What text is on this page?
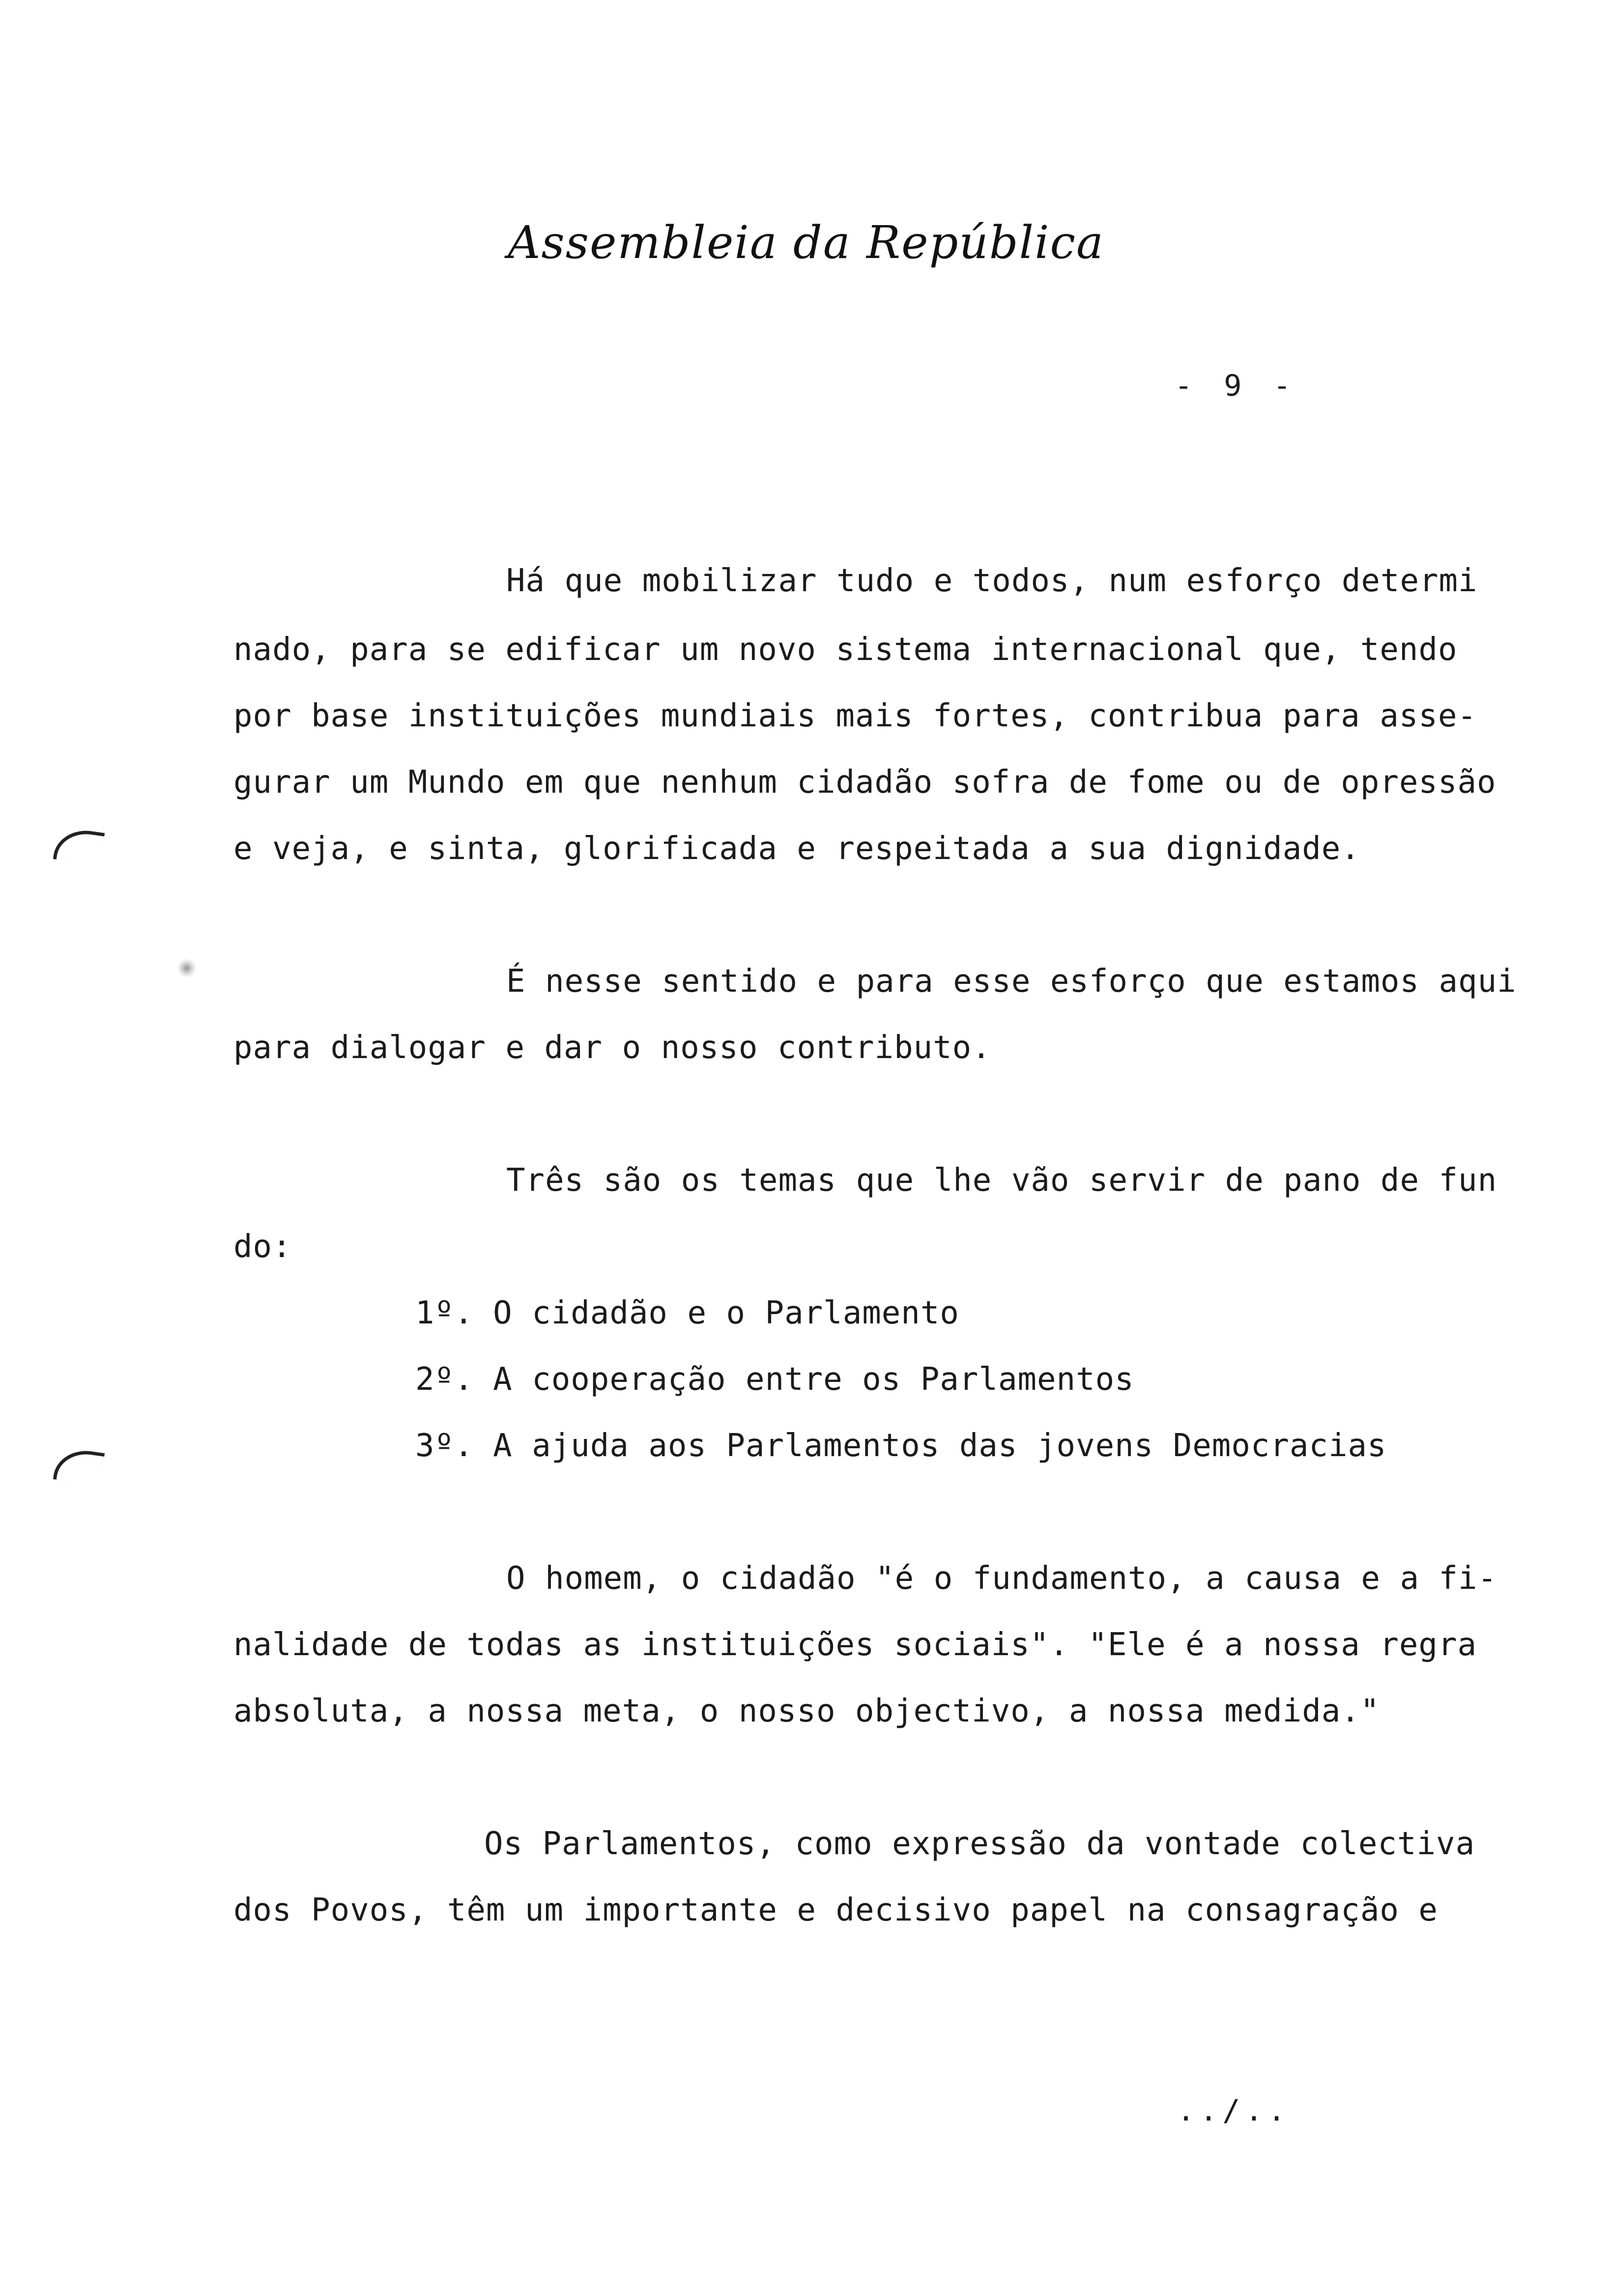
Assembleia da República
- 9 -
Há que mobilizar tudo e todos, num esforço determi
nado, para se edificar um novo sistema internacional que, tendo
por base instituições mundiais mais fortes, contribua para asse-
gurar um Mundo em que nenhum cidadão sofra de fome ou de opressão
e veja, e sinta, glorificada e respeitada a sua dignidade.
É nesse sentido e para esse esforço que estamos aqui
para dialogar e dar o nosso contributo.
Três são os temas que lhe vão servir de pano de fun
do:
1º. O cidadão e o Parlamento
2º. A cooperação entre os Parlamentos
3º. A ajuda aos Parlamentos das jovens Democracias
O homem, o cidadão "é o fundamento, a causa e a fi-
nalidade de todas as instituições sociais". "Ele é a nossa regra
absoluta, a nossa meta, o nosso objectivo, a nossa medida."
Os Parlamentos, como expressão da vontade colectiva
dos Povos, têm um importante e decisivo papel na consagração e
../..
